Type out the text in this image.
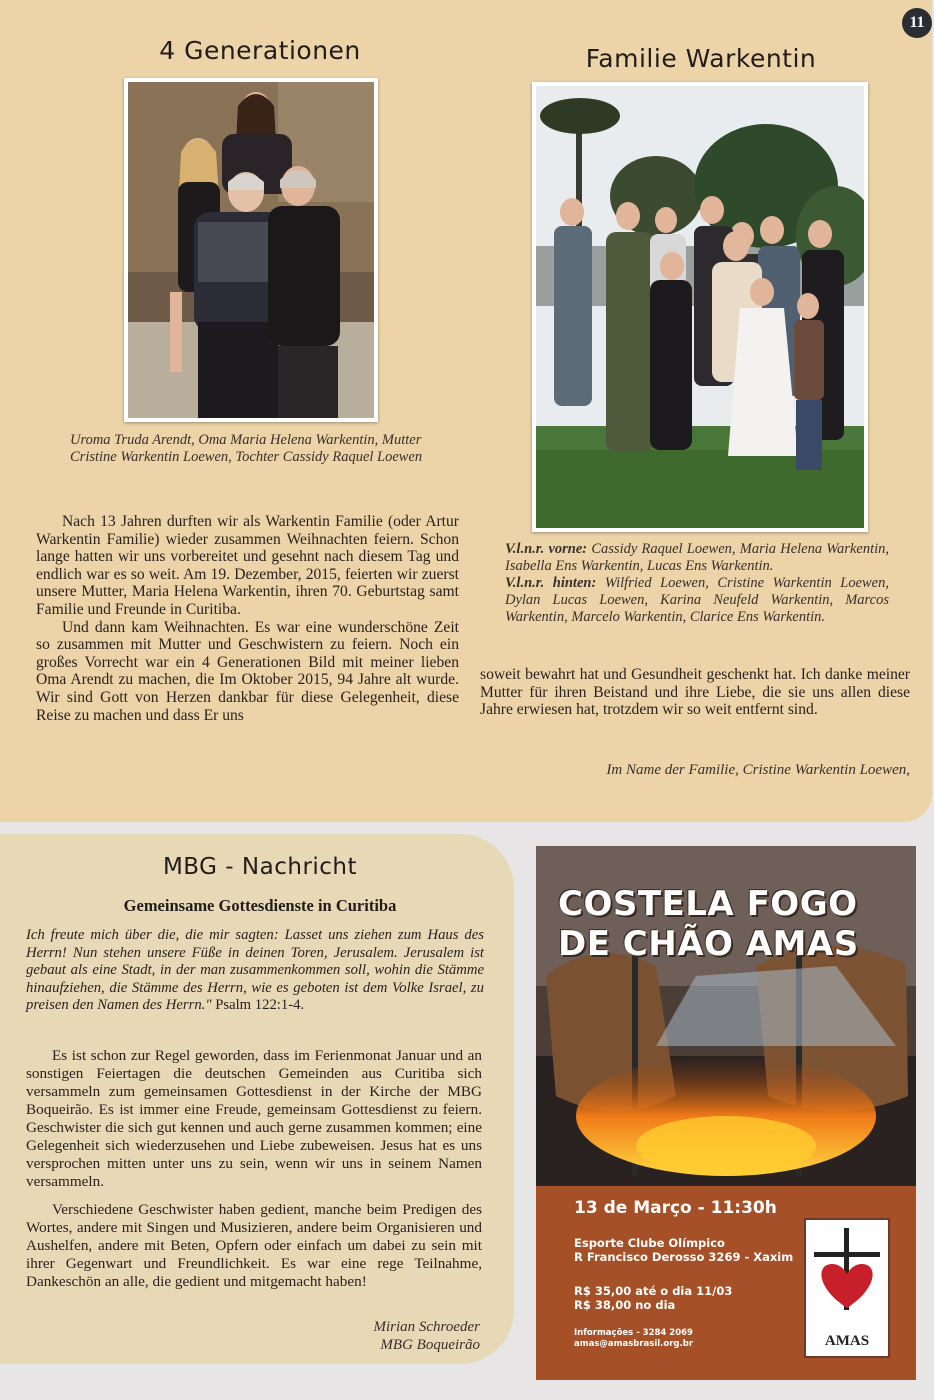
11
4 Generationen
Uroma Truda Arendt, Oma Maria Helena Warkentin, Mutter Cristine Warkentin Loewen, Tochter Cassidy Raquel Loewen

Nach 13 Jahren durften wir als Warkentin Familie (oder Artur Warkentin Familie) wieder zusammen Weihnachten feiern. Schon lange hatten wir uns vorbereitet und gesehnt nach diesem Tag und endlich war es so weit. Am 19. Dezember, 2015, feierten wir zuerst unsere Mutter, Maria Helena Warkentin, ihren 70. Geburtstag samt Familie und Freunde in Curitiba.

Und dann kam Weihnachten. Es war eine wunderschöne Zeit so zusammen mit Mutter und Geschwistern zu feiern. Noch ein großes Vorrecht war ein 4 Generationen Bild mit meiner lieben Oma Arendt zu machen, die Im Oktober 2015, 94 Jahre alt wurde. Wir sind Gott von Herzen dankbar für diese Gelegenheit, diese Reise zu machen und dass Er uns

Familie Warkentin
V.l.n.r. vorne: Cassidy Raquel Loewen, Maria Helena Warkentin, Isabella Ens Warkentin, Lucas Ens Warkentin.
V.l.n.r. hinten: Wilfried Loewen, Cristine Warkentin Loewen, Dylan Lucas Loewen, Karina Neufeld Warkentin, Marcos Warkentin, Marcelo Warkentin, Clarice Ens Warkentin.

soweit bewahrt hat und Gesundheit geschenkt hat. Ich danke meiner Mutter für ihren Beistand und ihre Liebe, die sie uns allen diese Jahre erwiesen hat, trotzdem wir so weit entfernt sind.

Im Name der Familie, Cristine Warkentin Loewen,
MBG - Nachricht
Gemeinsame Gottesdienste in Curitiba
Ich freute mich über die, die mir sagten: Lasset uns ziehen zum Haus des Herrn! Nun stehen unsere Füße in deinen Toren, Jerusalem. Jerusalem ist gebaut als eine Stadt, in der man zusammenkommen soll, wohin die Stämme hinaufziehen, die Stämme des Herrn, wie es geboten ist dem Volke Israel, zu preisen den Namen des Herrn." Psalm 122:1-4.

Es ist schon zur Regel geworden, dass im Ferienmonat Januar und an sonstigen Feiertagen die deutschen Gemeinden aus Curitiba sich versammeln zum gemeinsamen Gottesdienst in der Kirche der MBG Boqueirão. Es ist immer eine Freude, gemeinsam Gottesdienst zu feiern. Geschwister die sich gut kennen und auch gerne zusammen kommen; eine Gelegenheit sich wiederzusehen und Liebe zubeweisen. Jesus hat es uns versprochen mitten unter uns zu sein, wenn wir uns in seinem Namen versammeln.

Verschiedene Geschwister haben gedient, manche beim Predigen des Wortes, andere mit Singen und Musizieren, andere beim Organisieren und Aushelfen, andere mit Beten, Opfern oder einfach um dabei zu sein mit ihrer Gegenwart und Freundlichkeit. Es war eine rege Teilnahme, Dankeschön an alle, die gedient und mitgemacht haben!

Mirian Schroeder
MBG Boqueirão
COSTELA FOGO
DE CHÃO AMAS
13 de Março - 11:30h
Esporte Clube Olímpico
R Francisco Derosso 3269 - Xaxim
R$ 35,00 até o dia 11/03
R$ 38,00 no dia
Informações - 3284 2069
amas@amasbrasil.org.br	AMAS
